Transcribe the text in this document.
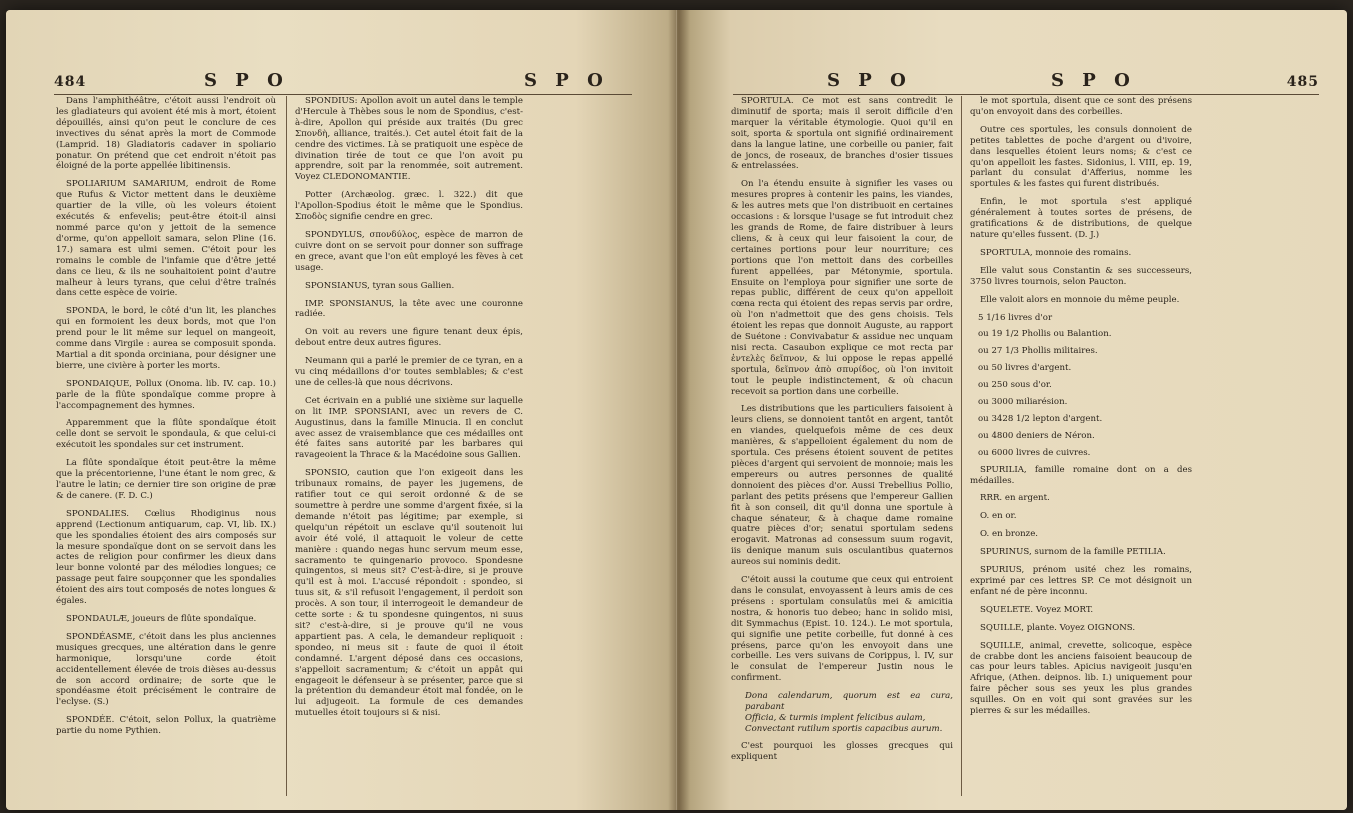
484	S P O	S P O

Dans l'amphithéâtre, c'étoit aussi l'endroit où les gladiateurs qui avoient été mis à mort, étoient dépouillés, ainsi qu'on peut le conclure de ces invectives du sénat après la mort de Commode (Lamprid. 18) Gladiatoris cadaver in spoliario ponatur. On prétend que cet endroit n'étoit pas éloigné de la porte appellée libitinensis.

SPOLIARIUM SAMARIUM, endroit de Rome que Rufus & Victor mettent dans le deuxième quartier de la ville, où les voleurs étoient exécutés & enfevelis; peut-être étoit-il ainsi nommé parce qu'on y jettoit de la semence d'orme, qu'on appelloit samara, selon Pline (16. 17.) samara est ulmi semen. C'étoit pour les romains le comble de l'infamie que d'être jetté dans ce lieu, & ils ne souhaitoient point d'autre malheur à leurs tyrans, que celui d'être traînés dans cette espèce de voirie.

SPONDA, le bord, le côté d'un lit, les planches qui en formoient les deux bords, mot que l'on prend pour le lit même sur lequel on mangeoit, comme dans Virgile : aurea se composuit sponda. Martial a dit sponda orciniana, pour désigner une bierre, une civière à porter les morts.

SPONDAIQUE, Pollux (Onoma. lib. IV. cap. 10.) parle de la flûte spondaïque comme propre à l'accompagnement des hymnes.

Apparemment que la flûte spondaïque étoit celle dont se servoit le spondaula, & que celui-ci exécutoit les spondales sur cet instrument.

La flûte spondaïque étoit peut-être la même que la précentorienne, l'une étant le nom grec, & l'autre le latin; ce dernier tire son origine de præ & de canere. (F. D. C.)

SPONDALIES. Cœlius Rhodiginus nous apprend (Lectionum antiquarum, cap. VI, lib. IX.) que les spondalies étoient des airs composés sur la mesure spondaïque dont on se servoit dans les actes de religion pour confirmer les dieux dans leur bonne volonté par des mélodies longues; ce passage peut faire soupçonner que les spondalies étoient des airs tout composés de notes longues & égales.

SPONDAULÆ, joueurs de flûte spondaïque.

SPONDÉASME, c'étoit dans les plus anciennes musiques grecques, une altération dans le genre harmonique, lorsqu'une corde étoit accidentellement élevée de trois dièses au-dessus de son accord ordinaire; de sorte que le spondéasme étoit précisément le contraire de l'eclyse. (S.)

SPONDÉE. C'étoit, selon Pollux, la quatrième partie du nome Pythien.

SPONDIUS: Apollon avoit un autel dans le temple d'Hercule à Thèbes sous le nom de Spondius, c'est-à-dire, Apollon qui préside aux traités (Du grec Σπονδὴ, alliance, traités.). Cet autel étoit fait de la cendre des victimes. Là se pratiquoit une espèce de divination tirée de tout ce que l'on avoit pu apprendre, soit par la renommée, soit autrement. Voyez CLEDONOMANTIE.

Potter (Archæolog. græc. l. 322.) dit que l'Apollon-Spodius étoit le même que le Spondius. Σποδὸς signifie cendre en grec.

SPONDYLUS, σπονδύλος, espèce de marron de cuivre dont on se servoit pour donner son suffrage en grece, avant que l'on eût employé les fèves à cet usage.

SPONSIANUS, tyran sous Gallien.

IMP. SPONSIANUS, la tête avec une couronne radiée.

On voit au revers une figure tenant deux épis, debout entre deux autres figures.

Neumann qui a parlé le premier de ce tyran, en a vu cinq médaillons d'or toutes semblables; & c'est une de celles-là que nous décrivons.

Cet écrivain en a publié une sixième sur laquelle on lit IMP. SPONSIANI, avec un revers de C. Augustinus, dans la famille Minucia. Il en conclut avec assez de vraisemblance que ces médailles ont été faites sans autorité par les barbares qui ravageoient la Thrace & la Macédoine sous Gallien.

SPONSIO, caution que l'on exigeoit dans les tribunaux romains, de payer les jugemens, de ratifier tout ce qui seroit ordonné & de se soumettre à perdre une somme d'argent fixée, si la demande n'étoit pas légitime; par exemple, si quelqu'un répétoit un esclave qu'il soutenoit lui avoir été volé, il attaquoit le voleur de cette manière : quando negas hunc servum meum esse, sacramento te quingenario provoco. Spondesne quingentos, si meus sit? C'est-à-dire, si je prouve qu'il est à moi. L'accusé répondoit : spondeo, si tuus sit, & s'il refusoit l'engagement, il perdoit son procès. A son tour, il interrogeoit le demandeur de cette sorte : & tu spondesne quingentos, ni suus sit? c'est-à-dire, si je prouve qu'il ne vous appartient pas. A cela, le demandeur repliquoit : spondeo, ni meus sit : faute de quoi il étoit condamné. L'argent déposé dans ces occasions, s'appelloit sacramentum; & c'étoit un appât qui engageoit le défenseur à se présenter, parce que si la prétention du demandeur étoit mal fondée, on le lui adjugeoit. La formule de ces demandes mutuelles étoit toujours si & nisi.

S P O	S P O	485

SPORTULA. Ce mot est sans contredit le diminutif de sporta; mais il seroit difficile d'en marquer la véritable étymologie. Quoi qu'il en soit, sporta & sportula ont signifié ordinairement dans la langue latine, une corbeille ou panier, fait de joncs, de roseaux, de branches d'osier tissues & entrelassées.

On l'a étendu ensuite à signifier les vases ou mesures propres à contenir les pains, les viandes, & les autres mets que l'on distribuoit en certaines occasions : & lorsque l'usage se fut introduit chez les grands de Rome, de faire distribuer à leurs cliens, & à ceux qui leur faisoient la cour, de certaines portions pour leur nourriture; ces portions que l'on mettoit dans des corbeilles furent appellées, par Métonymie, sportula. Ensuite on l'employa pour signifier une sorte de repas public, différent de ceux qu'on appelloit cœna recta qui étoient des repas servis par ordre, où l'on n'admettoit que des gens choisis. Tels étoient les repas que donnoit Auguste, au rapport de Suétone : Convivabatur & assidue nec unquam nisi recta. Casaubon explique ce mot recta par ἐντελὲς δεῖπνον, & lui oppose le repas appellé sportula, δεῖπνον ἀπὸ σπυρίδος, où l'on invitoit tout le peuple indistinctement, & où chacun recevoit sa portion dans une corbeille.

Les distributions que les particuliers faisoient à leurs cliens, se donnoient tantôt en argent, tantôt en viandes, quelquefois même de ces deux manières, & s'appelloient également du nom de sportula. Ces présens étoient souvent de petites pièces d'argent qui servoient de monnoie; mais les empereurs ou autres personnes de qualité donnoient des pièces d'or. Aussi Trebellius Pollio, parlant des petits présens que l'empereur Gallien fit à son conseil, dit qu'il donna une sportule à chaque sénateur, & à chaque dame romaine quatre pièces d'or; senatui sportulam sedens erogavit. Matronas ad consessum suum rogavit, iis denique manum suis osculantibus quaternos aureos sui nominis dedit.

C'étoit aussi la coutume que ceux qui entroient dans le consulat, envoyassent à leurs amis de ces présens : sportulam consulatûs mei & amicitia nostra, & honoris tuo debeo; hanc in solido misi, dit Symmachus (Epist. 10. 124.). Le mot sportula, qui signifie une petite corbeille, fut donné à ces présens, parce qu'on les envoyoit dans une corbeille. Les vers suivans de Corippus, l. IV, sur le consulat de l'empereur Justin nous le confirment.

Dona calendarum, quorum est ea cura, parabant
Officia, & turmis implent felicibus aulam,
Convectant rutilum sportis capacibus aurum.

C'est pourquoi les glosses grecques qui expliquent

le mot sportula, disent que ce sont des présens qu'on envoyoit dans des corbeilles.

Outre ces sportules, les consuls donnoient de petites tablettes de poche d'argent ou d'ivoire, dans lesquelles étoient leurs noms; & c'est ce qu'on appelloit les fastes. Sidonius, l. VIII, ep. 19, parlant du consulat d'Afferius, nomme les sportules & les fastes qui furent distribués.

Enfin, le mot sportula s'est appliqué généralement à toutes sortes de présens, de gratifications & de distributions, de quelque nature qu'elles fussent. (D. J.)

SPORTULA, monnoie des romains.

Elle valut sous Constantin & ses successeurs, 3750 livres tournois, selon Paucton.

Elle valoit alors en monnoie du même peuple.

5 1/16 livres d'or
ou 19 1/2 Phollis ou Balantion.
ou 27 1/3 Phollis militaires.
ou 50 livres d'argent.
ou 250 sous d'or.
ou 3000 miliarésion.
ou 3428 1/2 lepton d'argent.
ou 4800 deniers de Néron.
ou 6000 livres de cuivres.

SPURILIA, famille romaine dont on a des médailles.

RRR. en argent.

O. en or.

O. en bronze.

SPURINUS, surnom de la famille PETILIA.

SPURIUS, prénom usité chez les romains, exprimé par ces lettres SP. Ce mot désignoit un enfant né de père inconnu.

SQUELETE. Voyez MORT.

SQUILLE, plante. Voyez OIGNONS.

SQUILLE, animal, crevette, solicoque, espèce de crabbe dont les anciens faisoient beaucoup de cas pour leurs tables. Apicius navigeoit jusqu'en Afrique, (Athen. deipnos. lib. I.) uniquement pour faire pêcher sous ses yeux les plus grandes squilles. On en voit qui sont gravées sur les pierres & sur les médailles.
